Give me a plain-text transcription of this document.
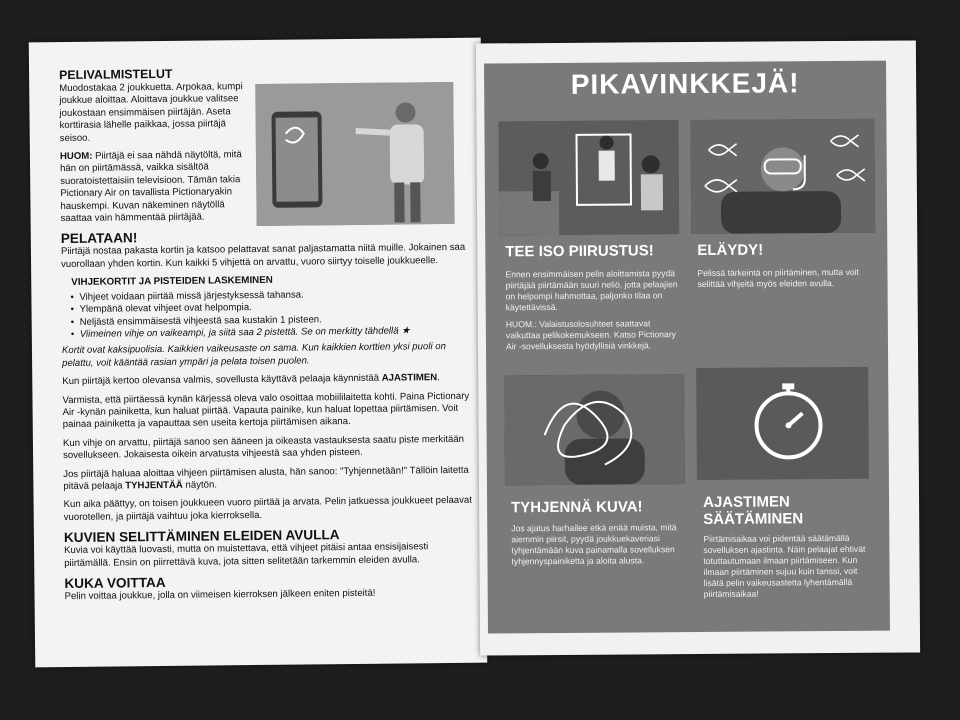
PELIVALMISTELUT

Muodostakaa 2 joukkuetta. Arpokaa, kumpi joukkue aloittaa. Aloittava joukkue valitsee joukostaan ensimmäisen piirtäjän. Aseta korttirasia lähelle paikkaa, jossa piirtäjä seisoo.

HUOM: Piirtäjä ei saa nähdä näytöltä, mitä hän on piirtämässä, vaikka sisältöä suoratoistettaisiin televisioon. Tämän takia Pictionary Air on tavallista Pictionaryakin hauskempi. Kuvan näkeminen näytöllä saattaa vain hämmentää piirtäjää.

PELATAAN!

Piirtäjä nostaa pakasta kortin ja katsoo pelattavat sanat paljastamatta niitä muille. Jokainen saa vuorollaan yhden kortin. Kun kaikki 5 vihjettä on arvattu, vuoro siirtyy toiselle joukkueelle.

VIHJEKORTIT JA PISTEIDEN LASKEMINEN

• Vihjeet voidaan piirtää missä järjestyksessä tahansa.
• Ylempänä olevat vihjeet ovat helpompia.
• Neljästä ensimmäisestä vihjeestä saa kustakin 1 pisteen.
• Viimeinen vihje on vaikeampi, ja siitä saa 2 pistettä. Se on merkitty tähdellä ★

Kortit ovat kaksipuolisia. Kaikkien vaikeusaste on sama. Kun kaikkien korttien yksi puoli on pelattu, voit kääntää rasian ympäri ja pelata toisen puolen.

Kun piirtäjä kertoo olevansa valmis, sovellusta käyttävä pelaaja käynnistää AJASTIMEN.

Varmista, että piirtäessä kynän kärjessä oleva valo osoittaa mobiililaitetta kohti. Paina Pictionary Air -kynän painiketta, kun haluat piirtää. Vapauta painike, kun haluat lopettaa piirtämisen. Voit painaa painiketta ja vapauttaa sen useita kertoja piirtämisen aikana.

Kun vihje on arvattu, piirtäjä sanoo sen ääneen ja oikeasta vastauksesta saatu piste merkitään sovellukseen. Jokaisesta oikein arvatusta vihjeestä saa yhden pisteen.

Jos piirtäjä haluaa aloittaa vihjeen piirtämisen alusta, hän sanoo: "Tyhjennetään!" Tällöin laitetta pitävä pelaaja TYHJENTÄÄ näytön.

Kun aika päättyy, on toisen joukkueen vuoro piirtää ja arvata. Pelin jatkuessa joukkueet pelaavat vuorotellen, ja piirtäjä vaihtuu joka kierroksella.

KUVIEN SELITTÄMINEN ELEIDEN AVULLA

Kuvia voi käyttää luovasti, mutta on muistettava, että vihjeet pitäisi antaa ensisijaisesti piirtämällä. Ensin on piirrettävä kuva, jota sitten selitetään tarkemmin eleiden avulla.

KUKA VOITTAA

Pelin voittaa joukkue, jolla on viimeisen kierroksen jälkeen eniten pisteitä!

PIKAVINKKEJÄ!
TEE ISO PIIRUSTUS!
Ennen ensimmäisen pelin aloittamista pyydä piirtäjää piirtämään suuri neliö, jotta pelaajien on helpompi hahmottaa, paljonko tilaa on käytettävissä.
HUOM.: Valaistusolosuhteet saattavat vaikuttaa pelikokemukseen. Katso Pictionary Air -sovelluksesta hyödyllisiä vinkkejä.
ELÄYDY!
Pelissä tärkeintä on piirtäminen, mutta voit selittää vihjeitä myös eleiden avulla.
TYHJENNÄ KUVA!
Jos ajatus harhailee etkä enää muista, mitä aiemmin piirsit, pyydä joukkuekaveriasi tyhjentämään kuva painamalla sovelluksen tyhjennyspainiketta ja aloita alusta.
AJASTIMEN
SÄÄTÄMINEN
Piirtämisaikaa voi pidentää säätämällä sovelluksen ajastinta. Näin pelaajat ehtivät totuttautumaan ilmaan piirtämiseen. Kun ilmaan piirtäminen sujuu kuin tanssi, voit lisätä pelin vaikeusastetta lyhentämällä piirtämisaikaa!
